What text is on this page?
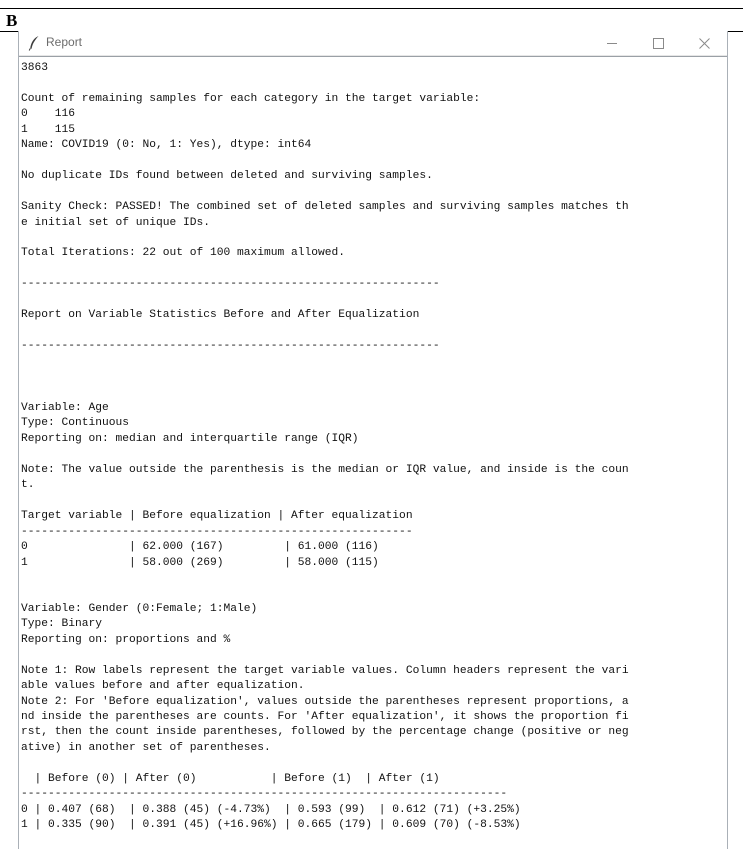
B
Report
3863

Count of remaining samples for each category in the target variable:
0    116
1    115
Name: COVID19 (0: No, 1: Yes), dtype: int64

No duplicate IDs found between deleted and surviving samples.

Sanity Check: PASSED! The combined set of deleted samples and surviving samples matches th
e initial set of unique IDs.

Total Iterations: 22 out of 100 maximum allowed.

--------------------------------------------------------------

Report on Variable Statistics Before and After Equalization

--------------------------------------------------------------

Variable: Age
Type: Continuous
Reporting on: median and interquartile range (IQR)

Note: The value outside the parenthesis is the median or IQR value, and inside is the coun
t.

Target variable | Before equalization | After equalization
----------------------------------------------------------
0               | 62.000 (167)         | 61.000 (116)
1               | 58.000 (269)         | 58.000 (115)

Variable: Gender (0:Female; 1:Male)
Type: Binary
Reporting on: proportions and %

Note 1: Row labels represent the target variable values. Column headers represent the vari
able values before and after equalization.
Note 2: For 'Before equalization', values outside the parentheses represent proportions, a
nd inside the parentheses are counts. For 'After equalization', it shows the proportion fi
rst, then the count inside parentheses, followed by the percentage change (positive or neg
ative) in another set of parentheses.

| Before (0) | After (0)           | Before (1)  | After (1)
------------------------------------------------------------------------
0 | 0.407 (68)  | 0.388 (45) (-4.73%)  | 0.593 (99)  | 0.612 (71) (+3.25%)
1 | 0.335 (90)  | 0.391 (45) (+16.96%) | 0.665 (179) | 0.609 (70) (-8.53%)
